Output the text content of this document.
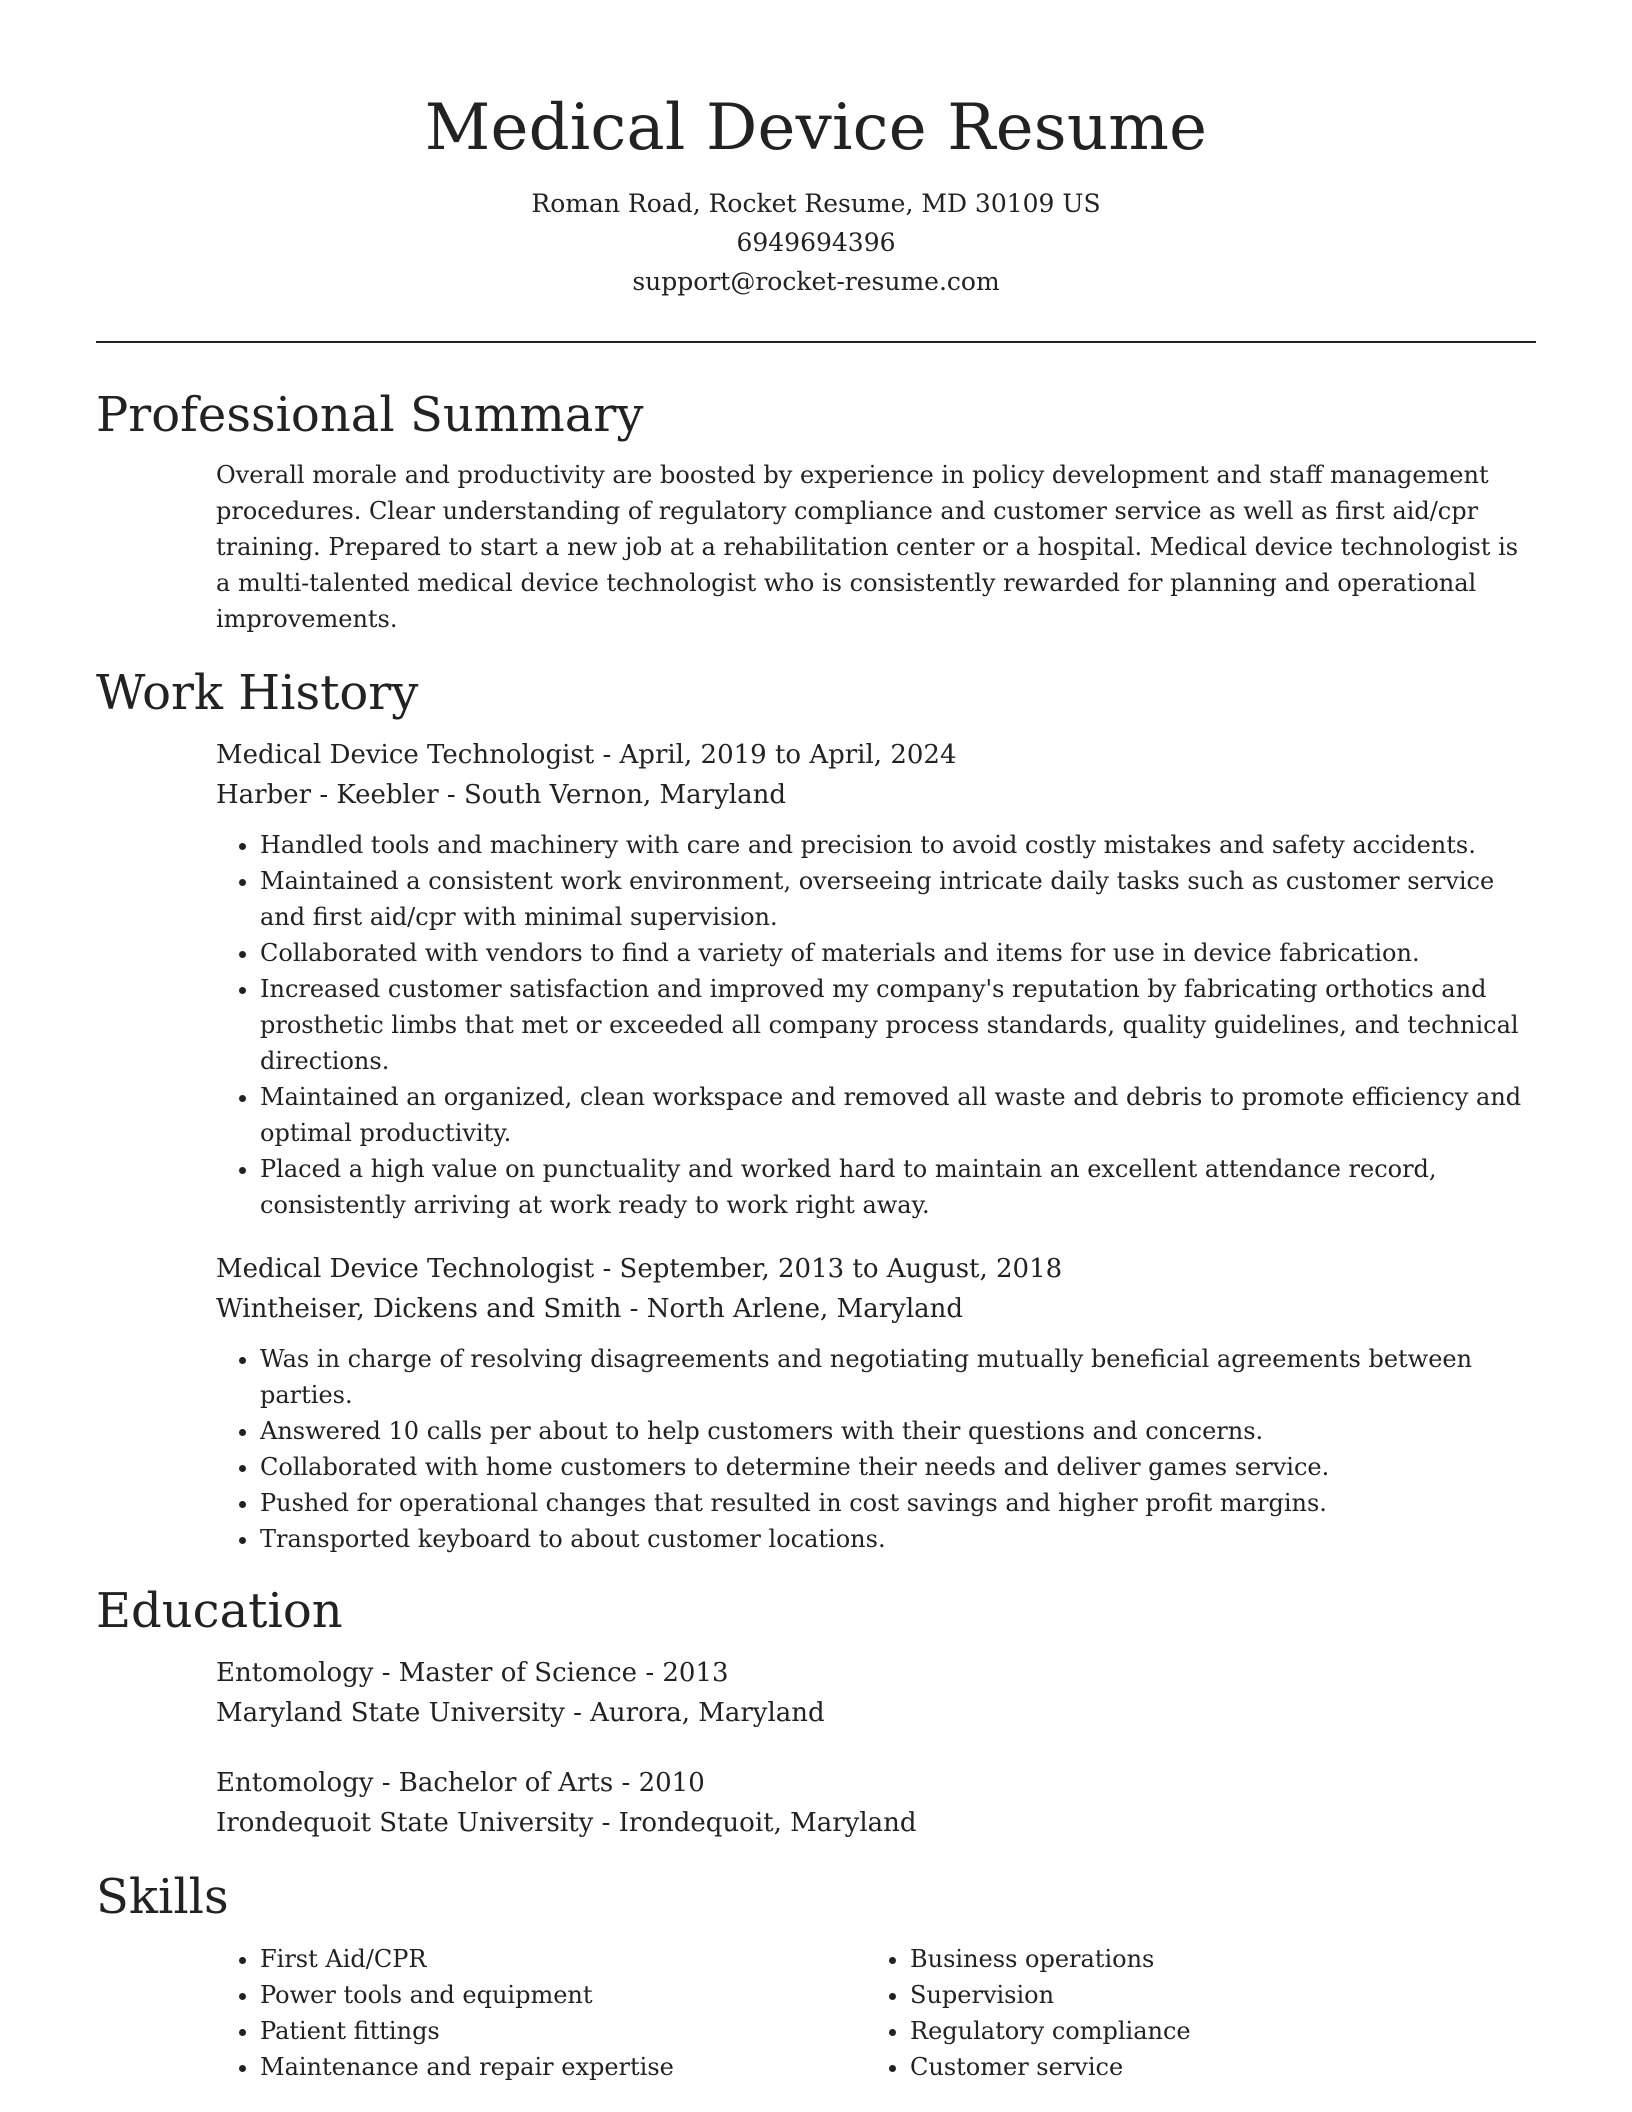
Medical Device Resume
Roman Road, Rocket Resume, MD 30109 US
6949694396
support@rocket-resume.com
Professional Summary

Overall morale and productivity are boosted by experience in policy development and staff management procedures. Clear understanding of regulatory compliance and customer service as well as first aid/cpr training. Prepared to start a new job at a rehabilitation center or a hospital. Medical device technologist is a multi-talented medical device technologist who is consistently rewarded for planning and operational improvements.

Work History
Medical Device Technologist - April, 2019 to April, 2024
Harber - Keebler - South Vernon, Maryland
• Handled tools and machinery with care and precision to avoid costly mistakes and safety accidents.
• Maintained a consistent work environment, overseeing intricate daily tasks such as customer service and first aid/cpr with minimal supervision.
• Collaborated with vendors to find a variety of materials and items for use in device fabrication.
• Increased customer satisfaction and improved my company's reputation by fabricating orthotics and prosthetic limbs that met or exceeded all company process standards, quality guidelines, and technical directions.
• Maintained an organized, clean workspace and removed all waste and debris to promote efficiency and optimal productivity.
• Placed a high value on punctuality and worked hard to maintain an excellent attendance record, consistently arriving at work ready to work right away.
Medical Device Technologist - September, 2013 to August, 2018
Wintheiser, Dickens and Smith - North Arlene, Maryland
• Was in charge of resolving disagreements and negotiating mutually beneficial agreements between parties.
• Answered 10 calls per about to help customers with their questions and concerns.
• Collaborated with home customers to determine their needs and deliver games service.
• Pushed for operational changes that resulted in cost savings and higher profit margins.
• Transported keyboard to about customer locations.
Education
Entomology - Master of Science - 2013
Maryland State University - Aurora, Maryland
Entomology - Bachelor of Arts - 2010
Irondequoit State University - Irondequoit, Maryland
Skills
• First Aid/CPR
• Power tools and equipment
• Patient fittings
• Maintenance and repair expertise
• Business operations
• Supervision
• Regulatory compliance
• Customer service
